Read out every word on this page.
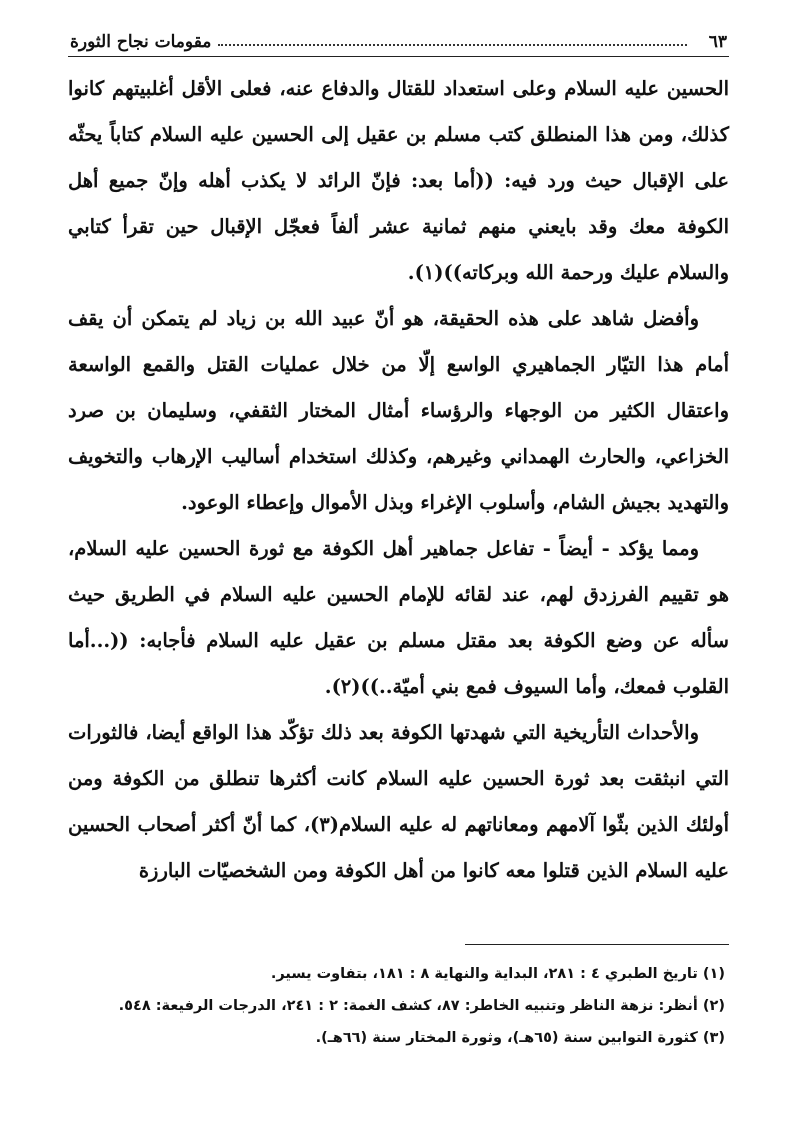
٦٣
مقومات نجاح الثورة

الحسين عليه السلام وعلى استعداد للقتال والدفاع عنه، فعلى الأقل أغلبيتهم كانوا كذلك، ومن هذا المنطلق كتب مسلم بن عقيل إلى الحسين عليه السلام كتاباً يحثّه على الإقبال حيث ورد فيه: ((أما بعد: فإنّ الرائد لا يكذب أهله وإنّ جميع أهل الكوفة معك وقد بايعني منهم ثمانية عشر ألفاً فعجّل الإقبال حين تقرأ كتابي والسلام عليك ورحمة الله وبركاته))(١).

وأفضل شاهد على هذه الحقيقة، هو أنّ عبيد الله بن زياد لم يتمكن أن يقف أمام هذا التيّار الجماهيري الواسع إلّا من خلال عمليات القتل والقمع الواسعة واعتقال الكثير من الوجهاء والرؤساء أمثال المختار الثقفي، وسليمان بن صرد الخزاعي، والحارث الهمداني وغيرهم، وكذلك استخدام أساليب الإرهاب والتخويف والتهديد بجيش الشام، وأسلوب الإغراء وبذل الأموال وإعطاء الوعود.

ومما يؤكد - أيضاً - تفاعل جماهير أهل الكوفة مع ثورة الحسين عليه السلام، هو تقييم الفرزدق لهم، عند لقائه للإمام الحسين عليه السلام في الطريق حيث سأله عن وضع الكوفة بعد مقتل مسلم بن عقيل عليه السلام فأجابه: ((...أما القلوب فمعك، وأما السيوف فمع بني أميّة..))(٢).

والأحداث التأريخية التي شهدتها الكوفة بعد ذلك تؤكّد هذا الواقع أيضا، فالثورات التي انبثقت بعد ثورة الحسين عليه السلام كانت أكثرها تنطلق من الكوفة ومن أولئك الذين بثّوا آلامهم ومعاناتهم له عليه السلام(٣)، كما أنّ أكثر أصحاب الحسين عليه السلام الذين قتلوا معه كانوا من أهل الكوفة ومن الشخصيّات البارزة

(١) تاريخ الطبري ٤ : ٢٨١، البداية والنهاية ٨ : ١٨١، بتفاوت يسير.
(٢) أنظر: نزهة الناظر وتنبيه الخاطر: ٨٧، كشف الغمة: ٢ : ٢٤١، الدرجات الرفيعة: ٥٤٨.
(٣) كثورة التوابين سنة (٦٥هـ)، وثورة المختار سنة (٦٦هـ).
